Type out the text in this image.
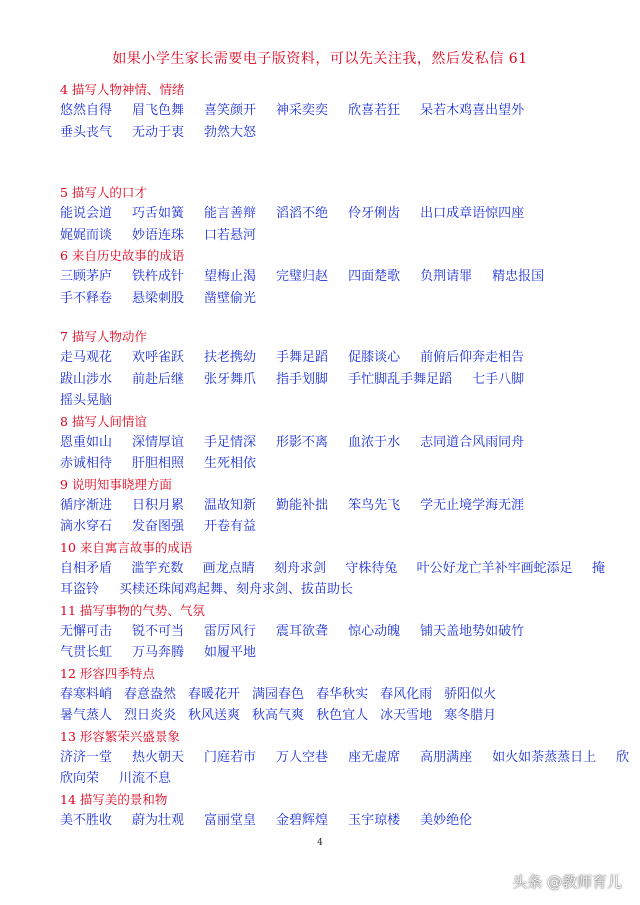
如果小学生家长需要电子版资料，可以先关注我，然后发私信 61
4 描写人物神情、情绪
悠然自得 眉飞色舞 喜笑颜开 神采奕奕 欣喜若狂 呆若木鸡喜出望外
垂头丧气 无动于衷 勃然大怒
5 描写人的口才
能说会道 巧舌如簧 能言善辩 滔滔不绝 伶牙俐齿 出口成章语惊四座
娓娓而谈 妙语连珠 口若悬河
6 来自历史故事的成语
三顾茅庐 铁杵成针 望梅止渴 完璧归赵 四面楚歌 负荆请罪 精忠报国
手不释卷 悬梁刺股 凿壁偷光
7 描写人物动作
走马观花 欢呼雀跃 扶老携幼 手舞足蹈 促膝谈心 前俯后仰奔走相告
跋山涉水 前赴后继 张牙舞爪 指手划脚 手忙脚乱手舞足蹈 七手八脚
摇头晃脑
8 描写人间情谊
恩重如山 深情厚谊 手足情深 形影不离 血浓于水 志同道合风雨同舟
赤诚相待 肝胆相照 生死相依
9 说明知事晓理方面
循序渐进 日积月累 温故知新 勤能补拙 笨鸟先飞 学无止境学海无涯
滴水穿石 发奋图强 开卷有益
10 来自寓言故事的成语
自相矛盾 滥竽充数 画龙点睛 刻舟求剑 守株待兔 叶公好龙亡羊补牢画蛇添足 掩
耳盗铃 买椟还珠闻鸡起舞、刻舟求剑、拔苗助长
11 描写事物的气势、气氛
无懈可击 锐不可当 雷厉风行 震耳欲聋 惊心动魄 铺天盖地势如破竹
气贯长虹 万马奔腾 如履平地
12 形容四季特点
春寒料峭 春意盎然 春暖花开 满园春色 春华秋实 春风化雨 骄阳似火
暑气蒸人 烈日炎炎 秋风送爽 秋高气爽 秋色宜人 冰天雪地 寒冬腊月
13 形容繁荣兴盛景象
济济一堂 热火朝天 门庭若市 万人空巷 座无虚席 高朋满座 如火如荼蒸蒸日上 欣
欣向荣 川流不息
14 描写美的景和物
美不胜收 蔚为壮观 富丽堂皇 金碧辉煌 玉宇琼楼 美妙绝伦
4
头条 @教师育儿
